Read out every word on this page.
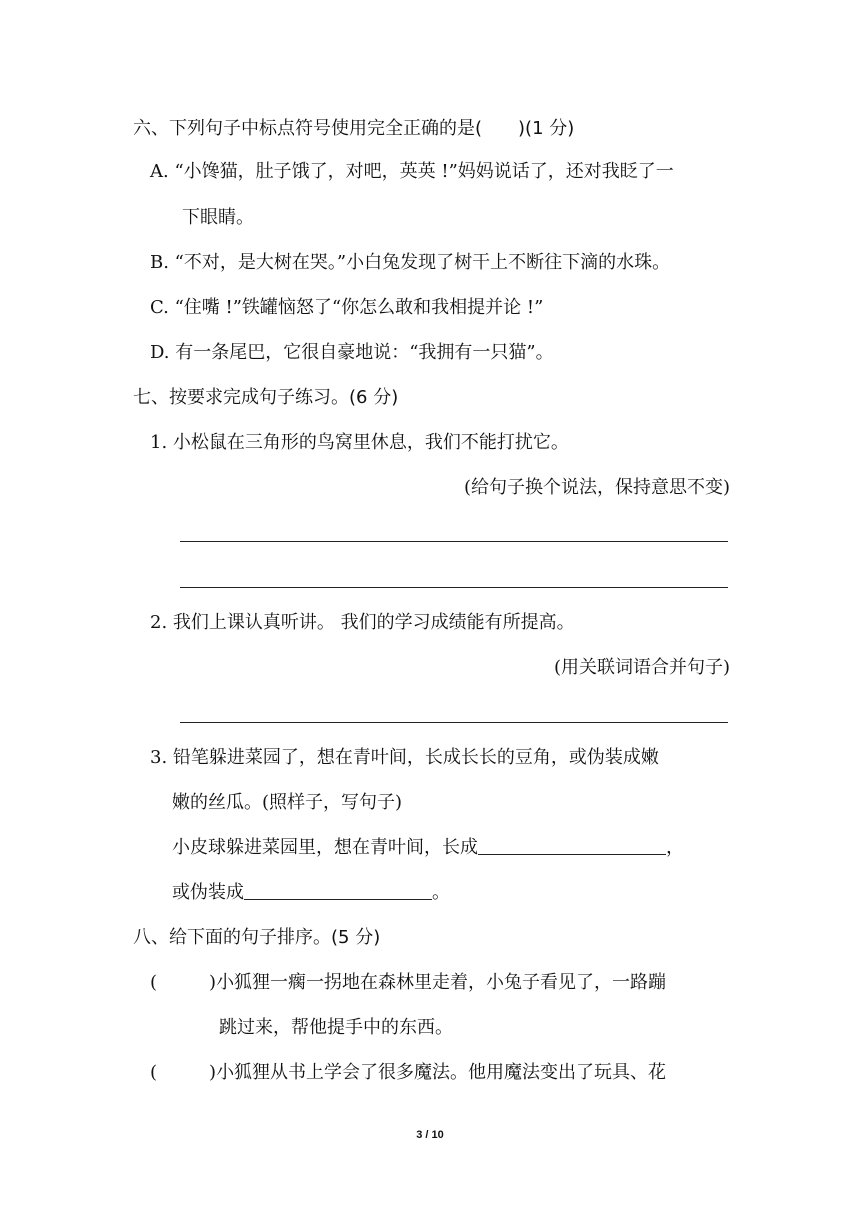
六、下列句子中标点符号使用完全正确的是(　　)(1 分)
A. “小馋猫，肚子饿了，对吧，英英 !”妈妈说话了，还对我眨了一
下眼睛。
B. “不对，是大树在哭。”小白兔发现了树干上不断往下滴的水珠。
C. “住嘴 !”铁罐恼怒了“你怎么敢和我相提并论 !”
D. 有一条尾巴，它很自豪地说：“我拥有一只猫”。
七、按要求完成句子练习。(6 分)
1. 小松鼠在三角形的鸟窝里休息，我们不能打扰它。
(给句子换个说法，保持意思不变)
2. 我们上课认真听讲。 我们的学习成绩能有所提高。
(用关联词语合并句子)
3. 铅笔躲进菜园了，想在青叶间，长成长长的豆角，或伪装成嫩
嫩的丝瓜。(照样子，写句子)
小皮球躲进菜园里，想在青叶间，长成	，
或伪装成	。
八、给下面的句子排序。(5 分)
(	)小狐狸一瘸一拐地在森林里走着，小兔子看见了，一路蹦
跳过来，帮他提手中的东西。
(	)小狐狸从书上学会了很多魔法。他用魔法变出了玩具、花
3 / 10
